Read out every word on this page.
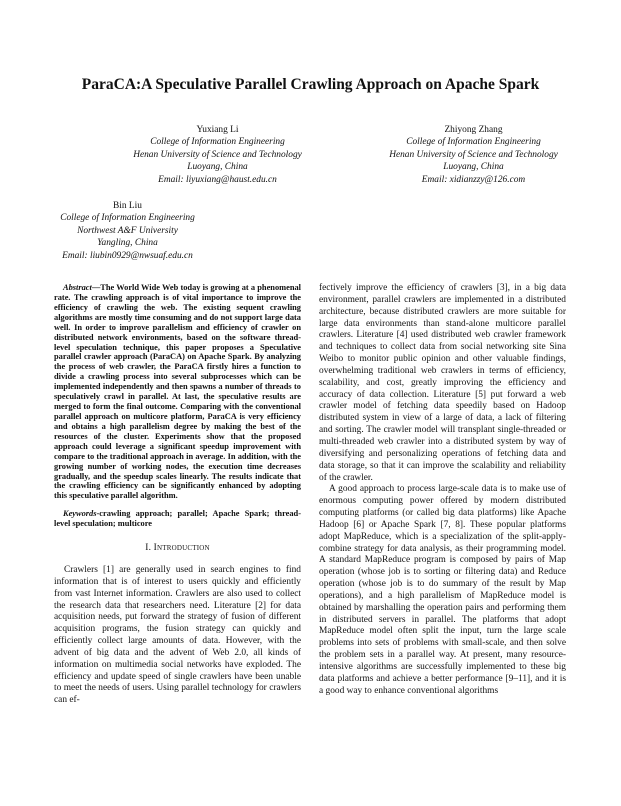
ParaCA:A Speculative Parallel Crawling Approach on Apache Spark
Yuxiang Li
College of Information Engineering
Henan University of Science and Technology
Luoyang, China
Email: liyuxiang@haust.edu.cn
Zhiyong Zhang
College of Information Engineering
Henan University of Science and Technology
Luoyang, China
Email: xidianzzy@126.com
Bin Liu
College of Information Engineering
Northwest A&F University
Yangling, China
Email: liubin0929@nwsuaf.edu.cn

Abstract—The World Wide Web today is growing at a phenomenal rate. The crawling approach is of vital importance to improve the efficiency of crawling the web. The existing sequent crawling algorithms are mostly time consuming and do not support large data well. In order to improve parallelism and efficiency of crawler on distributed network environments, based on the software thread-level speculation technique, this paper proposes a Speculative parallel crawler approach (ParaCA) on Apache Spark. By analyzing the process of web crawler, the ParaCA firstly hires a function to divide a crawling process into several subprocesses which can be implemented independently and then spawns a number of threads to speculatively crawl in parallel. At last, the speculative results are merged to form the final outcome. Comparing with the conventional parallel approach on multicore platform, ParaCA is very efficiency and obtains a high parallelism degree by making the best of the resources of the cluster. Experiments show that the proposed approach could leverage a significant speedup improvement with compare to the traditional approach in average. In addition, with the growing number of working nodes, the execution time decreases gradually, and the speedup scales linearly. The results indicate that the crawling efficiency can be significantly enhanced by adopting this speculative parallel algorithm.

Keywords-crawling approach; parallel; Apache Spark; thread-level speculation; multicore

I. Introduction

Crawlers [1] are generally used in search engines to find information that is of interest to users quickly and efficiently from vast Internet information. Crawlers are also used to collect the research data that researchers need. Literature [2] for data acquisition needs, put forward the strategy of fusion of different acquisition programs, the fusion strategy can quickly and efficiently collect large amounts of data. However, with the advent of big data and the advent of Web 2.0, all kinds of information on multimedia social networks have exploded. The efficiency and update speed of single crawlers have been unable to meet the needs of users. Using parallel technology for crawlers can ef-

fectively improve the efficiency of crawlers [3], in a big data environment, parallel crawlers are implemented in a distributed architecture, because distributed crawlers are more suitable for large data environments than stand-alone multicore parallel crawlers. Literature [4] used distributed web crawler framework and techniques to collect data from social networking site Sina Weibo to monitor public opinion and other valuable findings, overwhelming traditional web crawlers in terms of efficiency, scalability, and cost, greatly improving the efficiency and accuracy of data collection. Literature [5] put forward a web crawler model of fetching data speedily based on Hadoop distributed system in view of a large of data, a lack of filtering and sorting. The crawler model will transplant single-threaded or multi-threaded web crawler into a distributed system by way of diversifying and personalizing operations of fetching data and data storage, so that it can improve the scalability and reliability of the crawler.

A good approach to process large-scale data is to make use of enormous computing power offered by modern distributed computing platforms (or called big data platforms) like Apache Hadoop [6] or Apache Spark [7, 8]. These popular platforms adopt MapReduce, which is a specialization of the split-apply-combine strategy for data analysis, as their programming model. A standard MapReduce program is composed by pairs of Map operation (whose job is to sorting or filtering data) and Reduce operation (whose job is to do summary of the result by Map operations), and a high parallelism of MapReduce model is obtained by marshalling the operation pairs and performing them in distributed servers in parallel. The platforms that adopt MapReduce model often split the input, turn the large scale problems into sets of problems with small-scale, and then solve the problem sets in a parallel way. At present, many resource-intensive algorithms are successfully implemented to these big data platforms and achieve a better performance [9–11], and it is a good way to enhance conventional algorithms
